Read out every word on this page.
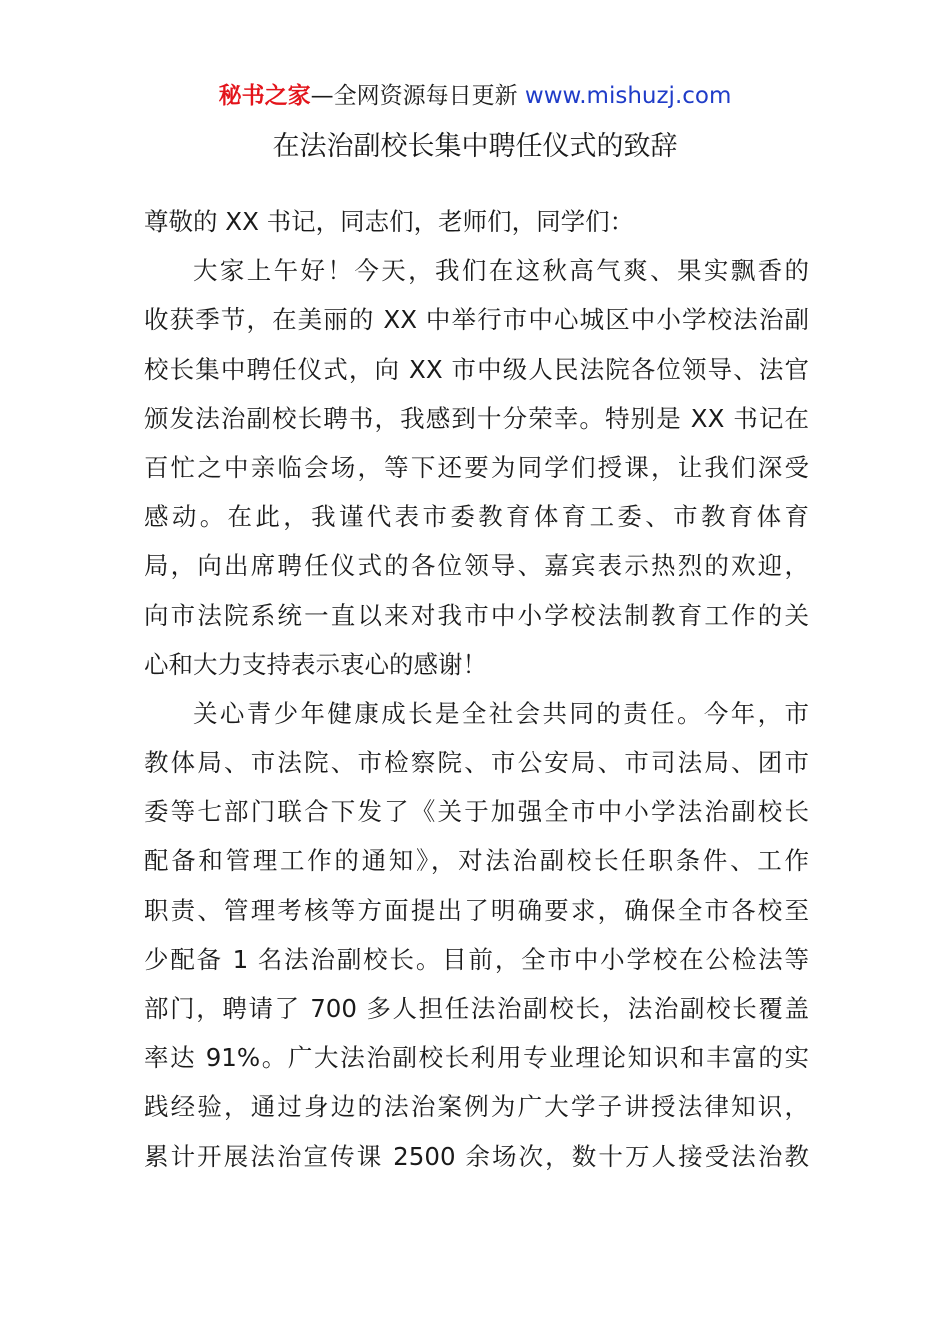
秘书之家—全网资源每日更新 www.mishuzj.com
在法治副校长集中聘任仪式的致辞
尊敬的 XX 书记，同志们，老师们，同学们：
大家上午好！今天，我们在这秋高气爽、果实飘香的
收获季节，在美丽的 XX 中举行市中心城区中小学校法治副
校长集中聘任仪式，向 XX 市中级人民法院各位领导、法官
颁发法治副校长聘书，我感到十分荣幸。特别是 XX 书记在
百忙之中亲临会场，等下还要为同学们授课，让我们深受
感动。在此，我谨代表市委教育体育工委、市教育体育
局，向出席聘任仪式的各位领导、嘉宾表示热烈的欢迎，
向市法院系统一直以来对我市中小学校法制教育工作的关
心和大力支持表示衷心的感谢！
关心青少年健康成长是全社会共同的责任。今年，市
教体局、市法院、市检察院、市公安局、市司法局、团市
委等七部门联合下发了《关于加强全市中小学法治副校长
配备和管理工作的通知》，对法治副校长任职条件、工作
职责、管理考核等方面提出了明确要求，确保全市各校至
少配备 1 名法治副校长。目前，全市中小学校在公检法等
部门，聘请了 700 多人担任法治副校长，法治副校长覆盖
率达 91%。广大法治副校长利用专业理论知识和丰富的实
践经验，通过身边的法治案例为广大学子讲授法律知识，
累计开展法治宣传课 2500 余场次，数十万人接受法治教
